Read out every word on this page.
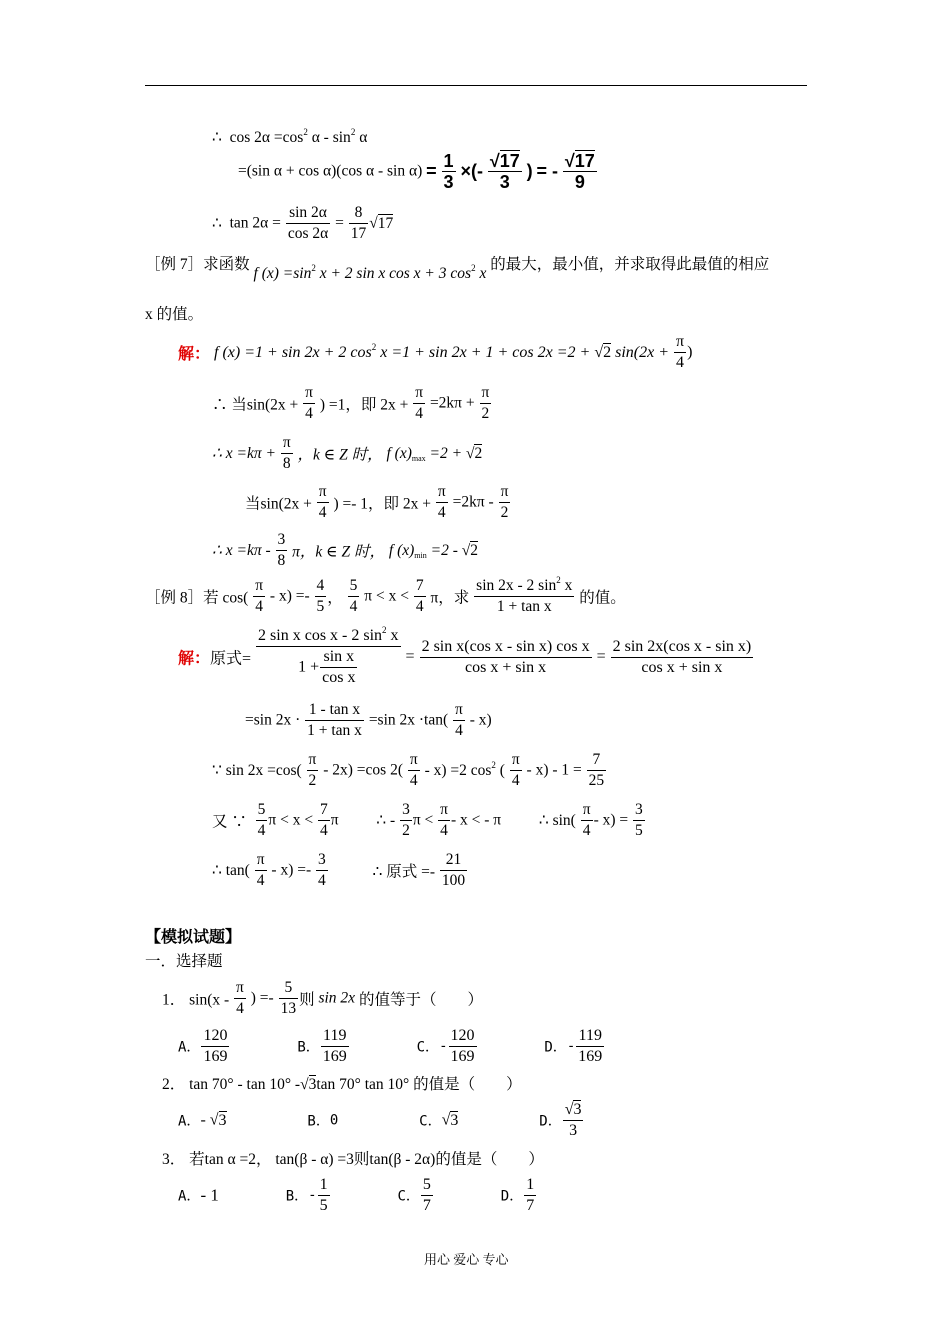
∴ $\cos 2\alpha =\cos^2$ α - $\sin^2 \alpha$
=(sin α + cos α)(cos $\alpha - \sin \alpha) = \frac{1}{3}$ ×(- $\frac{√17}{3}$ ) = - $\frac{√17}{9}$
∴ $\tan 2\alpha = \frac{\sin 2\alpha}{\cos 2\alpha} = \frac{8}{17} √17$
［例 7］求函数 f $(x) =\sin^2$ x + 2 sin x cos x + 3 $\cos^2 x$ 的最大，最小值，并求取得此最值的相应
x 的值。
解： f (x) =1 + sin 2x + 2 $\cos^2 x =1 + \sin 2x + 1 + \cos 2x =2 + √2$ $\sin(2x + \frac{\pi}{4}$ )
∴ 当$\sin(2x + \frac{\pi}{4}$ ) =1，即 $2x + \frac{\pi}{4} =2k\pi + \frac{\pi}{2}$
∴ $x =k\pi + \frac{\pi}{8}$ ，k ∈ Z 时， f $(x)_{max} =2 + √2$
当$\sin(2x + \frac{\pi}{4}$ ) =- 1，即 $2x + \frac{\pi}{4} =2k\pi - \frac{\pi}{2}$
∴ $x =k\pi - \frac{3}{8}$ π，k ∈ Z 时， f $(x)_{min} =2 - √2$
［例 8］若 $\cos( \frac{\pi}{4} - x) =- \frac{4}{5}$ ， $\frac{5}{4}$ $\pi < x < \frac{7}{4}$ π，求 $\frac{\sin 2x - 2 \sin^2 x}{\text{1 + tan x}}$ 的值。
解：原式= $\frac{2 \sin x \cos x - 2 \sin^2 x}{1 + \frac{\text{sin x}}{\text{cos x}}} = \frac{\text{2 sin x(cos x - sin x) cos x}}{\text{cos x + sin x}} = \frac{\text{2 sin 2x(cos x - sin x)}}{\text{cos x + sin x}}$
=sin $2x \cdot \frac{\text{1 - tan x}}{\text{1 + tan x}} =\sin$ $2x \cdot\tan( \frac{\pi}{4} - x)$
∵ $\sin 2x =\cos( \frac{\pi}{2} - 2x) =\cos$ $2( \frac{\pi}{4} - x) =2$ $\cos^2$ ( $\frac{\pi}{4} - x) - 1 = \frac{7}{25}$
又 ∵ $\frac{5}{4}$ $\pi < x < \frac{7}{4}$ π ∴ - $\frac{3}{2}$ $\pi < \frac{\pi}{4} - x$ < - π ∴ $\sin( \frac{\pi}{4} - x) = \frac{3}{5}$
∴ $\tan( \frac{\pi}{4} - x) =- \frac{3}{4}$	∴ 原式 =- $\frac{21}{100}$
【模拟试题】
一．选择题
1． $\sin(x - \frac{\pi}{4}$ ) =- $\frac{5}{13}$ 则 sin 2x 的值等于（　　）
A． $\frac{120}{169}$	B． $\frac{119}{169}$	C．- $\frac{120}{169}$	D．- $\frac{119}{169}$
2． tan 70° - tan 10° -√3tan 70° tan 10° 的值是（　　）
A．- √3	B．0	C．√3	D． $\frac{√3}{3}$
3． 若tan α =2， tan(β - α) =3则tan(β - 2α)的值是（　　）
A．- 1	B．- $\frac{1}{5}$	C． $\frac{5}{7}$	D． $\frac{1}{7}$
用心 爱心 专心
